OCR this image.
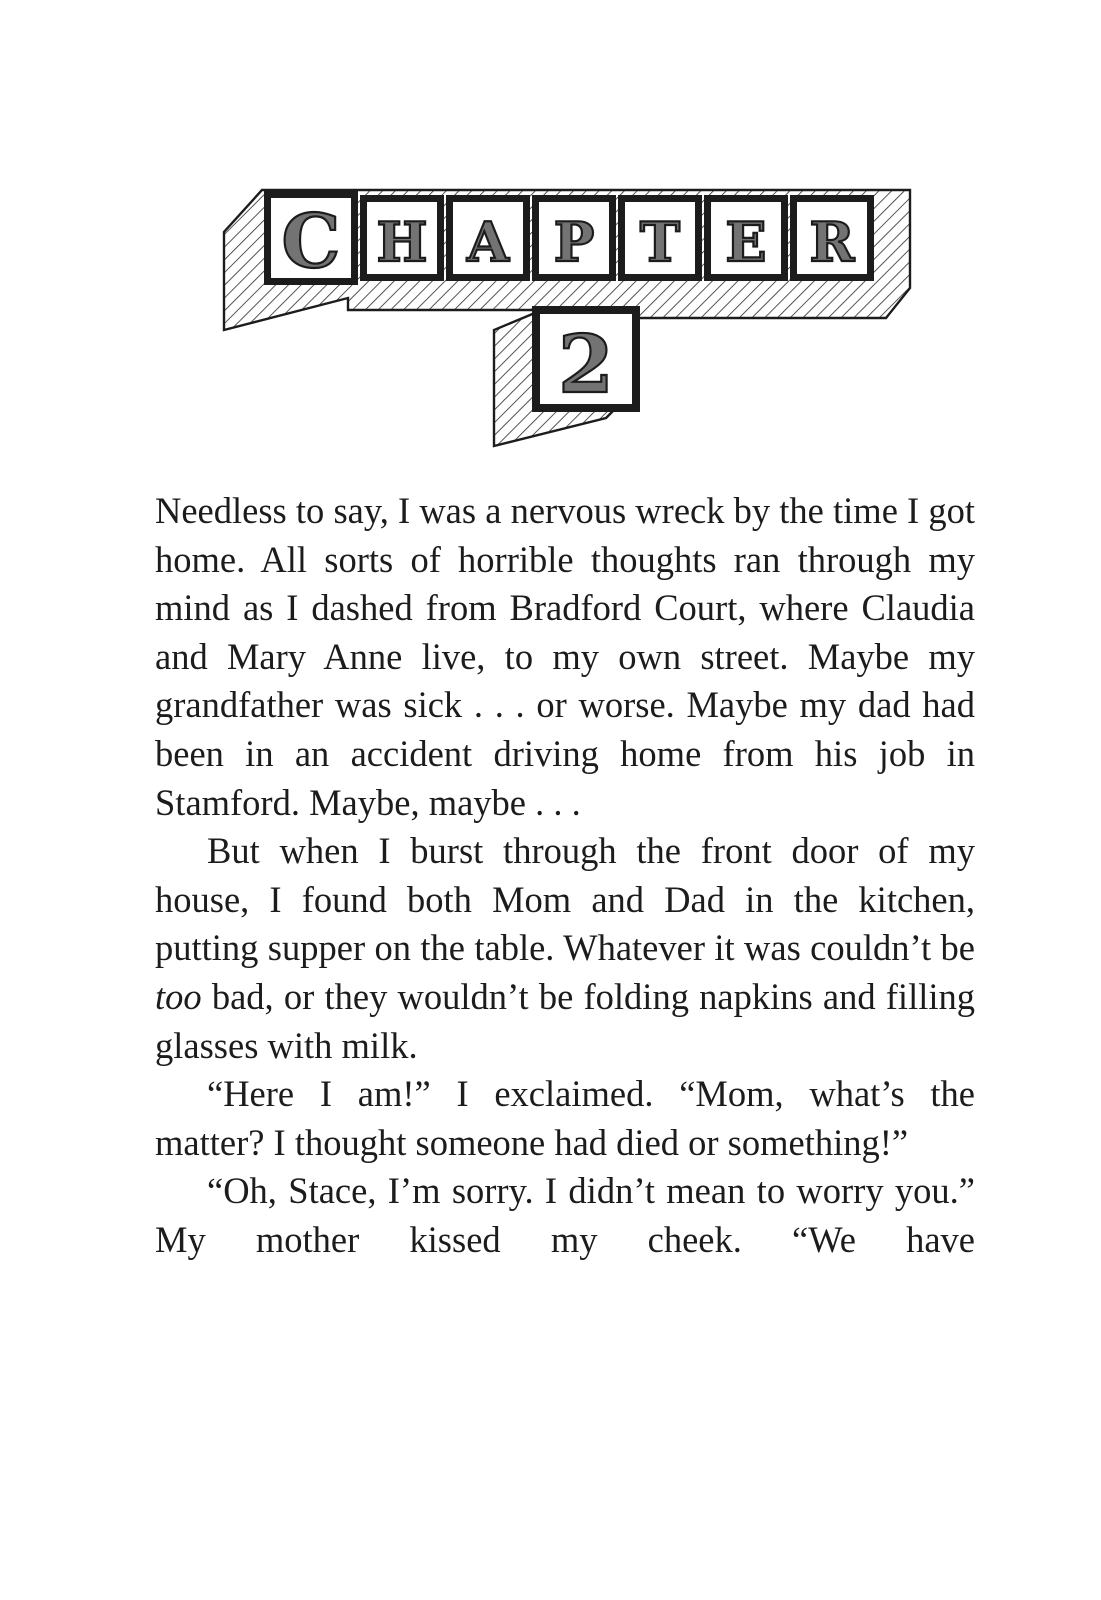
C H A P T E R
2

Needless to say, I was a nervous wreck by the time I got home. All sorts of horrible thoughts ran through my mind as I dashed from Bradford Court, where Claudia and Mary Anne live, to my own street. Maybe my grandfather was sick . . . or worse. Maybe my dad had been in an accident driving home from his job in Stamford. Maybe, maybe . . .

But when I burst through the front door of my house, I found both Mom and Dad in the kitchen, putting supper on the table. Whatever it was couldn’t be too bad, or they wouldn’t be folding napkins and filling glasses with milk.

“Here I am!” I exclaimed. “Mom, what’s the matter? I thought someone had died or something!”

“Oh, Stace, I’m sorry. I didn’t mean to worry you.” My mother kissed my cheek. “We have
